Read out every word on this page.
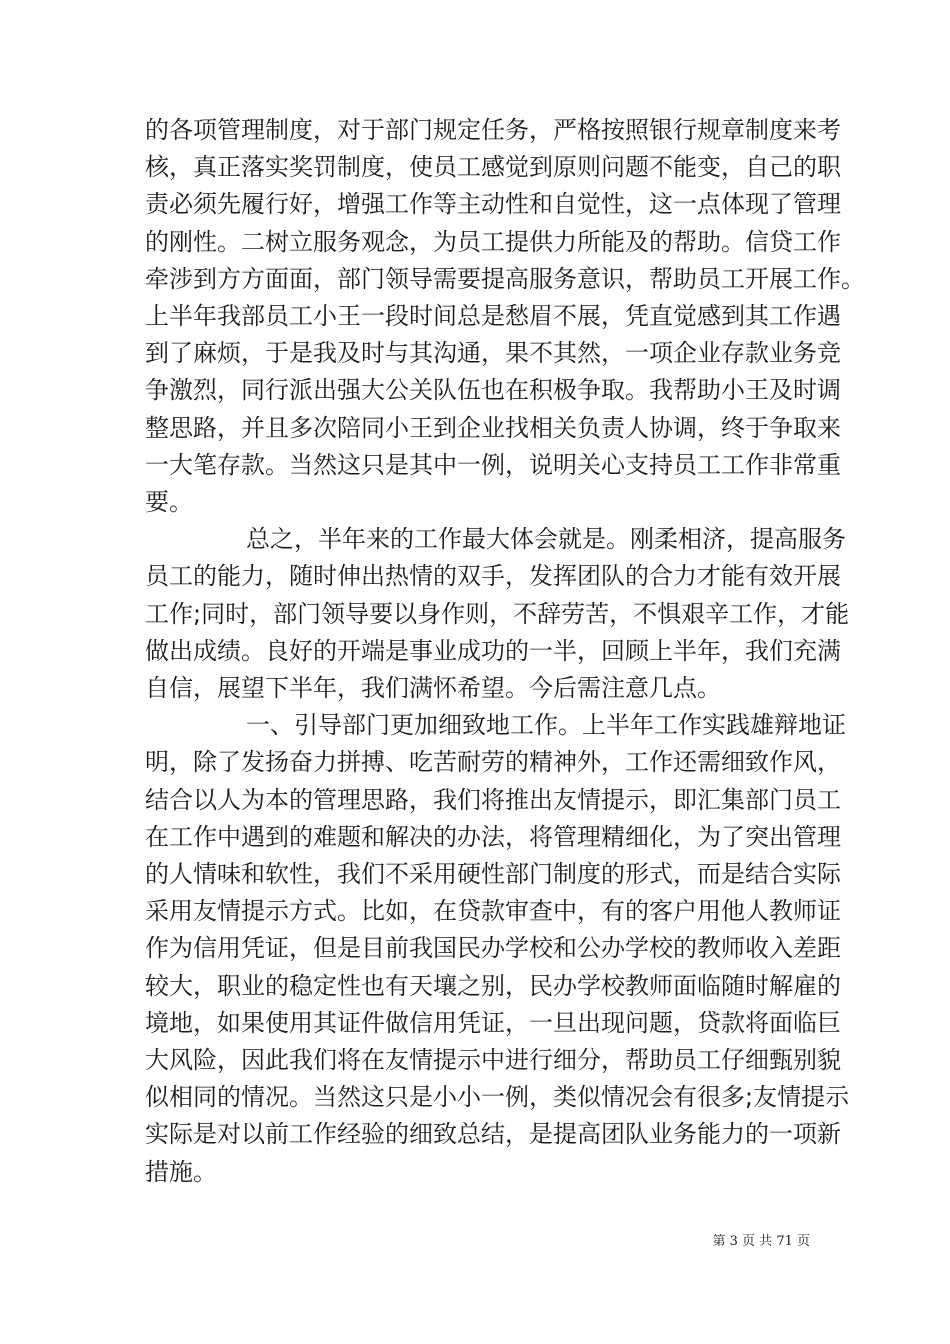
的各项管理制度，对于部门规定任务，严格按照银行规章制度来考
核，真正落实奖罚制度，使员工感觉到原则问题不能变，自己的职
责必须先履行好，增强工作等主动性和自觉性，这一点体现了管理
的刚性。二树立服务观念，为员工提供力所能及的帮助。信贷工作
牵涉到方方面面，部门领导需要提高服务意识，帮助员工开展工作。
上半年我部员工小王一段时间总是愁眉不展，凭直觉感到其工作遇
到了麻烦，于是我及时与其沟通，果不其然，一项企业存款业务竞
争激烈，同行派出强大公关队伍也在积极争取。我帮助小王及时调
整思路，并且多次陪同小王到企业找相关负责人协调，终于争取来
一大笔存款。当然这只是其中一例，说明关心支持员工工作非常重
要。
总之，半年来的工作最大体会就是。刚柔相济，提高服务
员工的能力，随时伸出热情的双手，发挥团队的合力才能有效开展
工作;同时，部门领导要以身作则，不辞劳苦，不惧艰辛工作，才能
做出成绩。良好的开端是事业成功的一半，回顾上半年，我们充满
自信，展望下半年，我们满怀希望。今后需注意几点。
一、引导部门更加细致地工作。上半年工作实践雄辩地证
明，除了发扬奋力拼搏、吃苦耐劳的精神外，工作还需细致作风，
结合以人为本的管理思路，我们将推出友情提示，即汇集部门员工
在工作中遇到的难题和解决的办法，将管理精细化，为了突出管理
的人情味和软性，我们不采用硬性部门制度的形式，而是结合实际
采用友情提示方式。比如，在贷款审查中，有的客户用他人教师证
作为信用凭证，但是目前我国民办学校和公办学校的教师收入差距
较大，职业的稳定性也有天壤之别，民办学校教师面临随时解雇的
境地，如果使用其证件做信用凭证，一旦出现问题，贷款将面临巨
大风险，因此我们将在友情提示中进行细分，帮助员工仔细甄别貌
似相同的情况。当然这只是小小一例，类似情况会有很多;友情提示
实际是对以前工作经验的细致总结，是提高团队业务能力的一项新
措施。
第 3 页 共 71 页
